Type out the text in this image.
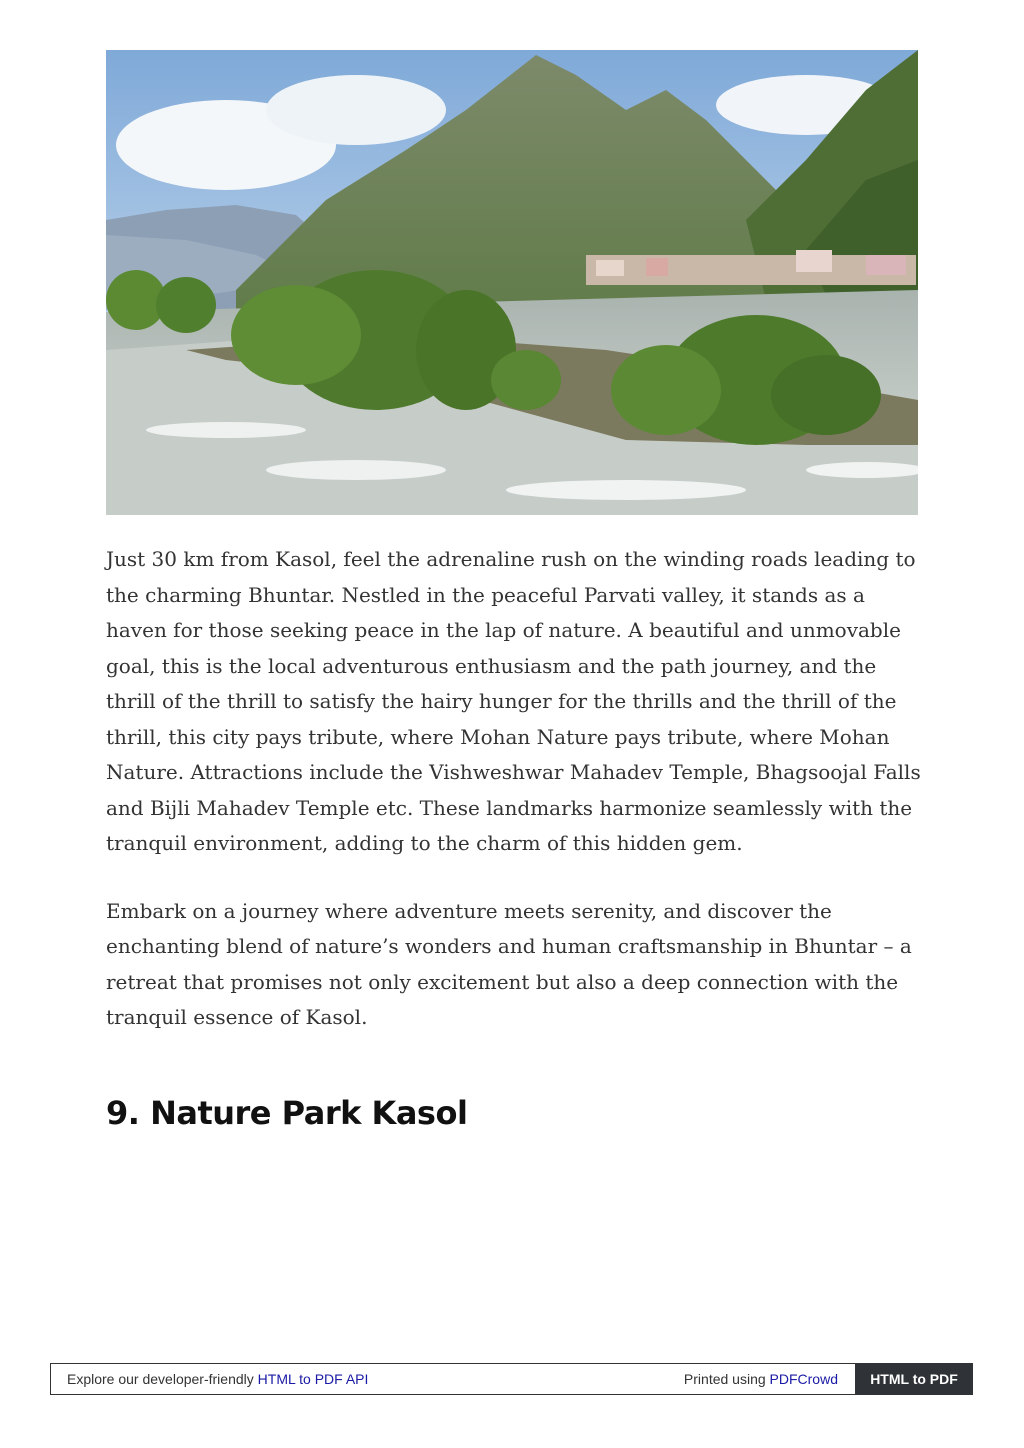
Just 30 km from Kasol, feel the adrenaline rush on the winding roads leading to the charming Bhuntar. Nestled in the peaceful Parvati valley, it stands as a haven for those seeking peace in the lap of nature. A beautiful and unmovable goal, this is the local adventurous enthusiasm and the path journey, and the thrill of the thrill to satisfy the hairy hunger for the thrills and the thrill of the thrill, this city pays tribute, where Mohan Nature pays tribute, where Mohan Nature. Attractions include the Vishweshwar Mahadev Temple, Bhagsoojal Falls and Bijli Mahadev Temple etc. These landmarks harmonize seamlessly with the tranquil environment, adding to the charm of this hidden gem.

Embark on a journey where adventure meets serenity, and discover the enchanting blend of nature’s wonders and human craftsmanship in Bhuntar – a retreat that promises not only excitement but also a deep connection with the tranquil essence of Kasol.

9. Nature Park Kasol
Explore our developer-friendly HTML to PDF API	Printed using PDFCrowd	HTML to PDF
